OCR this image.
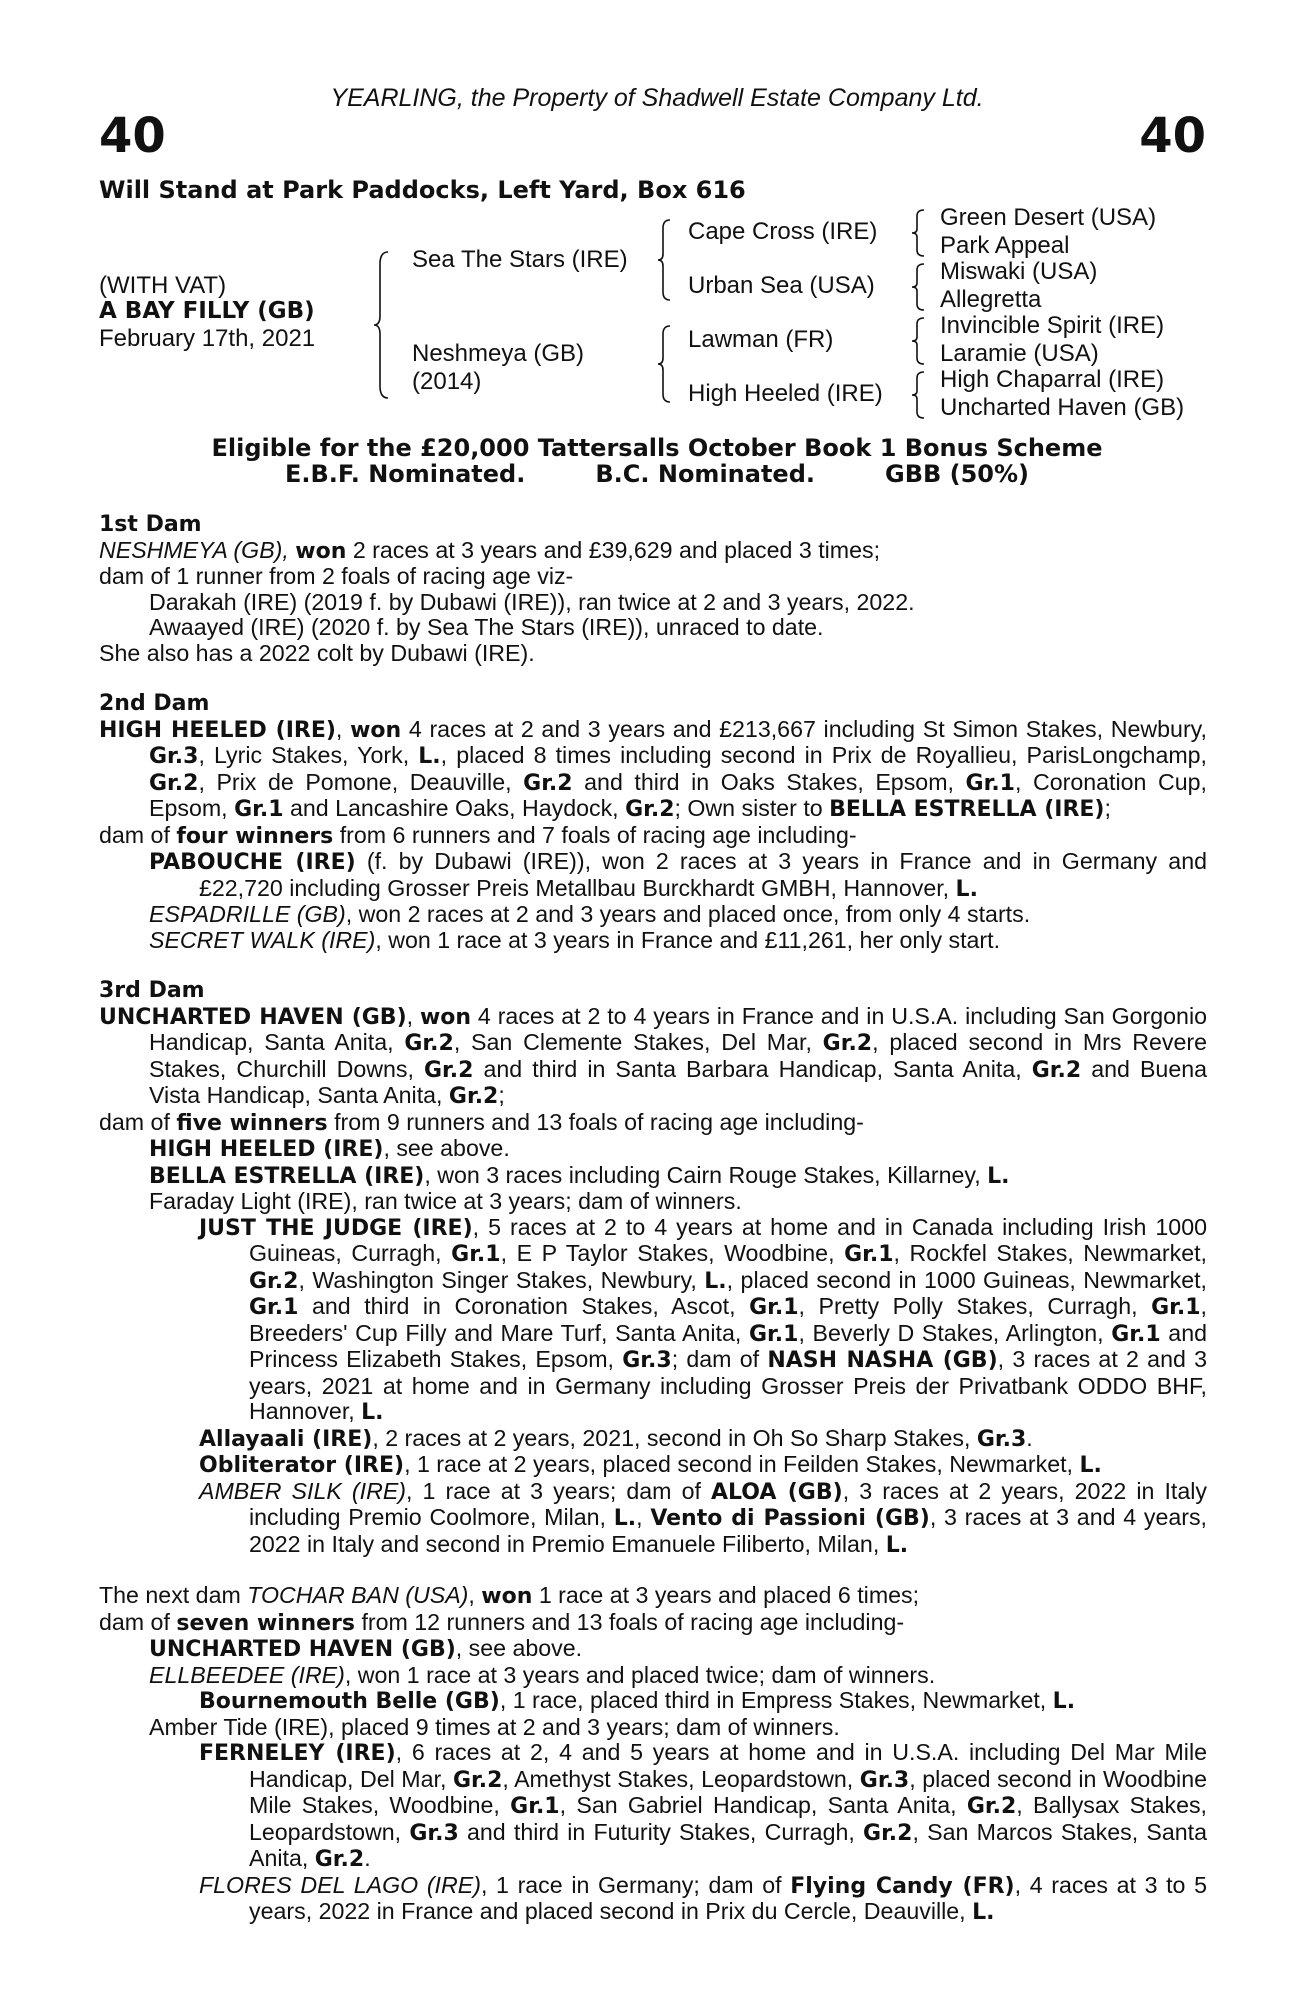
YEARLING, the Property of Shadwell Estate Company Ltd.
40	40
Will Stand at Park Paddocks, Left Yard, Box 616
(WITH VAT)
A BAY FILLY (GB)
February 17th, 2021
Sea The Stars (IRE)
Neshmeya (GB)
(2014)
Cape Cross (IRE)
Urban Sea (USA)
Lawman (FR)
High Heeled (IRE)
Green Desert (USA)
Park Appeal
Miswaki (USA)
Allegretta
Invincible Spirit (IRE)
Laramie (USA)
High Chaparral (IRE)
Uncharted Haven (GB)
Eligible for the £20,000 Tattersalls October Book 1 Bonus Scheme
E.B.F. Nominated.	B.C. Nominated.	GBB (50%)

1st Dam

NESHMEYA (GB), won 2 races at 3 years and £39,629 and placed 3 times;

dam of 1 runner from 2 foals of racing age viz-

Darakah (IRE) (2019 f. by Dubawi (IRE)), ran twice at 2 and 3 years, 2022.

Awaayed (IRE) (2020 f. by Sea The Stars (IRE)), unraced to date.

She also has a 2022 colt by Dubawi (IRE).

2nd Dam

HIGH HEELED (IRE), won 4 races at 2 and 3 years and £213,667 including St Simon Stakes, Newbury, Gr.3, Lyric Stakes, York, L., placed 8 times including second in Prix de Royallieu, ParisLongchamp, Gr.2, Prix de Pomone, Deauville, Gr.2 and third in Oaks Stakes, Epsom, Gr.1, Coronation Cup, Epsom, Gr.1 and Lancashire Oaks, Haydock, Gr.2; Own sister to BELLA ESTRELLA (IRE);

dam of four winners from 6 runners and 7 foals of racing age including-

PABOUCHE (IRE) (f. by Dubawi (IRE)), won 2 races at 3 years in France and in Germany and £22,720 including Grosser Preis Metallbau Burckhardt GMBH, Hannover, L.

ESPADRILLE (GB), won 2 races at 2 and 3 years and placed once, from only 4 starts.

SECRET WALK (IRE), won 1 race at 3 years in France and £11,261, her only start.

3rd Dam

UNCHARTED HAVEN (GB), won 4 races at 2 to 4 years in France and in U.S.A. including San Gorgonio Handicap, Santa Anita, Gr.2, San Clemente Stakes, Del Mar, Gr.2, placed second in Mrs Revere Stakes, Churchill Downs, Gr.2 and third in Santa Barbara Handicap, Santa Anita, Gr.2 and Buena Vista Handicap, Santa Anita, Gr.2;

dam of five winners from 9 runners and 13 foals of racing age including-

HIGH HEELED (IRE), see above.

BELLA ESTRELLA (IRE), won 3 races including Cairn Rouge Stakes, Killarney, L.

Faraday Light (IRE), ran twice at 3 years; dam of winners.

JUST THE JUDGE (IRE), 5 races at 2 to 4 years at home and in Canada including Irish 1000 Guineas, Curragh, Gr.1, E P Taylor Stakes, Woodbine, Gr.1, Rockfel Stakes, Newmarket, Gr.2, Washington Singer Stakes, Newbury, L., placed second in 1000 Guineas, Newmarket, Gr.1 and third in Coronation Stakes, Ascot, Gr.1, Pretty Polly Stakes, Curragh, Gr.1, Breeders' Cup Filly and Mare Turf, Santa Anita, Gr.1, Beverly D Stakes, Arlington, Gr.1 and Princess Elizabeth Stakes, Epsom, Gr.3; dam of NASH NASHA (GB), 3 races at 2 and 3 years, 2021 at home and in Germany including Grosser Preis der Privatbank ODDO BHF, Hannover, L.

Allayaali (IRE), 2 races at 2 years, 2021, second in Oh So Sharp Stakes, Gr.3.

Obliterator (IRE), 1 race at 2 years, placed second in Feilden Stakes, Newmarket, L.

AMBER SILK (IRE), 1 race at 3 years; dam of ALOA (GB), 3 races at 2 years, 2022 in Italy including Premio Coolmore, Milan, L., Vento di Passioni (GB), 3 races at 3 and 4 years, 2022 in Italy and second in Premio Emanuele Filiberto, Milan, L.

The next dam TOCHAR BAN (USA), won 1 race at 3 years and placed 6 times;

dam of seven winners from 12 runners and 13 foals of racing age including-

UNCHARTED HAVEN (GB), see above.

ELLBEEDEE (IRE), won 1 race at 3 years and placed twice; dam of winners.

Bournemouth Belle (GB), 1 race, placed third in Empress Stakes, Newmarket, L.

Amber Tide (IRE), placed 9 times at 2 and 3 years; dam of winners.

FERNELEY (IRE), 6 races at 2, 4 and 5 years at home and in U.S.A. including Del Mar Mile Handicap, Del Mar, Gr.2, Amethyst Stakes, Leopardstown, Gr.3, placed second in Woodbine Mile Stakes, Woodbine, Gr.1, San Gabriel Handicap, Santa Anita, Gr.2, Ballysax Stakes, Leopardstown, Gr.3 and third in Futurity Stakes, Curragh, Gr.2, San Marcos Stakes, Santa Anita, Gr.2.

FLORES DEL LAGO (IRE), 1 race in Germany; dam of Flying Candy (FR), 4 races at 3 to 5 years, 2022 in France and placed second in Prix du Cercle, Deauville, L.
